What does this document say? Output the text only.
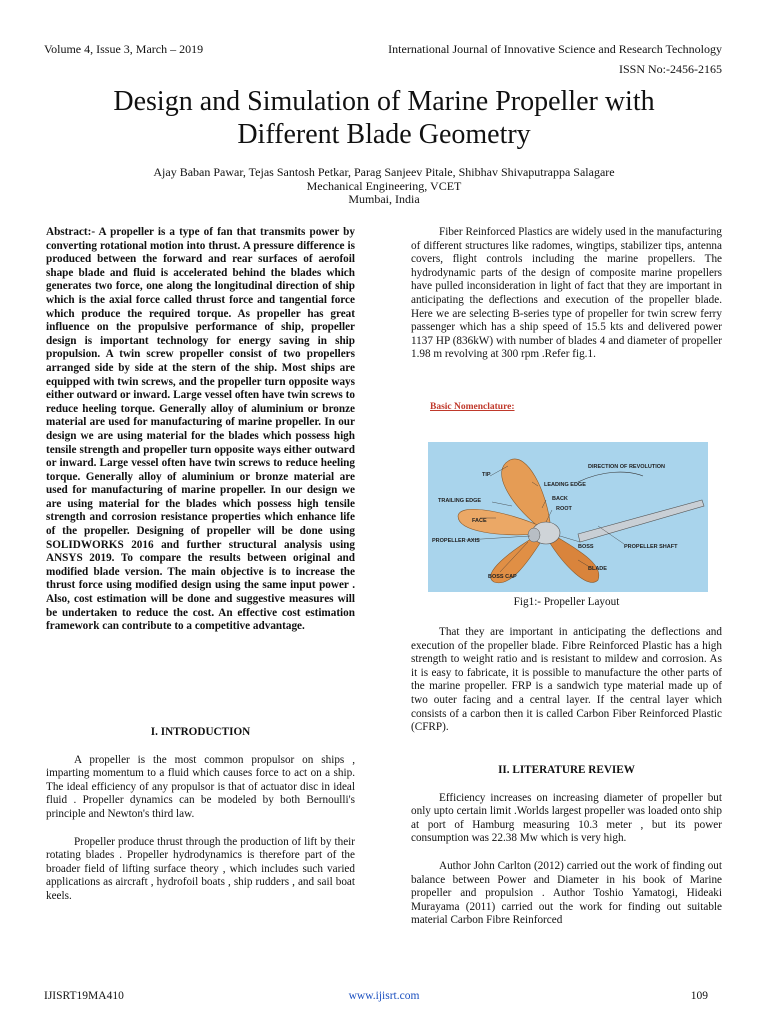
Volume 4, Issue 3, March – 2019	International Journal of Innovative Science and Research Technology
ISSN No:-2456-2165
Design and Simulation of Marine Propeller with
Different Blade Geometry
Ajay Baban Pawar, Tejas Santosh Petkar, Parag Sanjeev Pitale, Shibhav Shivaputrappa Salagare
Mechanical Engineering, VCET
Mumbai, India
Abstract:- A propeller is a type of fan that transmits power by converting rotational motion into thrust. A pressure difference is produced between the forward and rear surfaces of aerofoil shape blade and fluid is accelerated behind the blades which generates two force, one along the longitudinal direction of ship which is the axial force called thrust force and tangential force which produce the required torque. As propeller has great influence on the propulsive performance of ship, propeller design is important technology for energy saving in ship propulsion. A twin screw propeller consist of two propellers arranged side by side at the stern of the ship. Most ships are equipped with twin screws, and the propeller turn opposite ways either outward or inward. Large vessel often have twin screws to reduce heeling torque. Generally alloy of aluminium or bronze material are used for manufacturing of marine propeller. In our design we are using material for the blades which possess high tensile strength and propeller turn opposite ways either outward or inward. Large vessel often have twin screws to reduce heeling torque. Generally alloy of aluminium or bronze material are used for manufacturing of marine propeller. In our design we are using material for the blades which possess high tensile strength and corrosion resistance properties which enhance life of the propeller. Designing of propeller will be done using SOLIDWORKS 2016 and further structural analysis using ANSYS 2019. To compare the results between original and modified blade version. The main objective is to increase the thrust force using modified design using the same input power . Also, cost estimation will be done and suggestive measures will be undertaken to reduce the cost. An effective cost estimation framework can contribute to a competitive advantage.
I. INTRODUCTION

A propeller is the most common propulsor on ships , imparting momentum to a fluid which causes force to act on a ship. The ideal efficiency of any propulsor is that of actuator disc in ideal fluid . Propeller dynamics can be modeled by both Bernoulli's principle and Newton's third law.

Propeller produce thrust through the production of lift by their rotating blades . Propeller hydrodynamics is therefore part of the broader field of lifting surface theory , which includes such varied applications as aircraft , hydrofoil boats , ship rudders , and sail boat keels.

Fiber Reinforced Plastics are widely used in the manufacturing of different structures like radomes, wingtips, stabilizer tips, antenna covers, flight controls including the marine propellers. The hydrodynamic parts of the design of composite marine propellers have pulled inconsideration in light of fact that they are important in anticipating the deflections and execution of the propeller blade. Here we are selecting B-series type of propeller for twin screw ferry passenger which has a ship speed of 15.5 kts and delivered power 1137 HP (836kW) with number of blades 4 and diameter of propeller 1.98 m revolving at 300 rpm .Refer fig.1.

Basic Nomenclature:
TIP
LEADING EDGE
DIRECTION OF REVOLUTION
TRAILING EDGE	BACK
ROOT
FACE
PROPELLER AXIS
BOSS	PROPELLER SHAFT
BLADE
BOSS CAP
Fig1:- Propeller Layout

That they are important in anticipating the deflections and execution of the propeller blade. Fibre Reinforced Plastic has a high strength to weight ratio and is resistant to mildew and corrosion. As it is easy to fabricate, it is possible to manufacture the other parts of the marine propeller. FRP is a sandwich type material made up of two outer facing and a central layer. If the central layer which consists of a carbon then it is called Carbon Fiber Reinforced Plastic (CFRP).

II. LITERATURE REVIEW

Efficiency increases on increasing diameter of propeller but only upto certain limit .Worlds largest propeller was loaded onto ship at port of Hamburg measuring 10.3 meter , but its power consumption was 22.38 Mw which is very high.

Author John Carlton (2012) carried out the work of finding out balance between Power and Diameter in his book of Marine propeller and propulsion . Author Toshio Yamatogi, Hideaki Murayama (2011) carried out the work for finding out suitable material Carbon Fibre Reinforced

IJISRT19MA410	www.ijisrt.com	109
